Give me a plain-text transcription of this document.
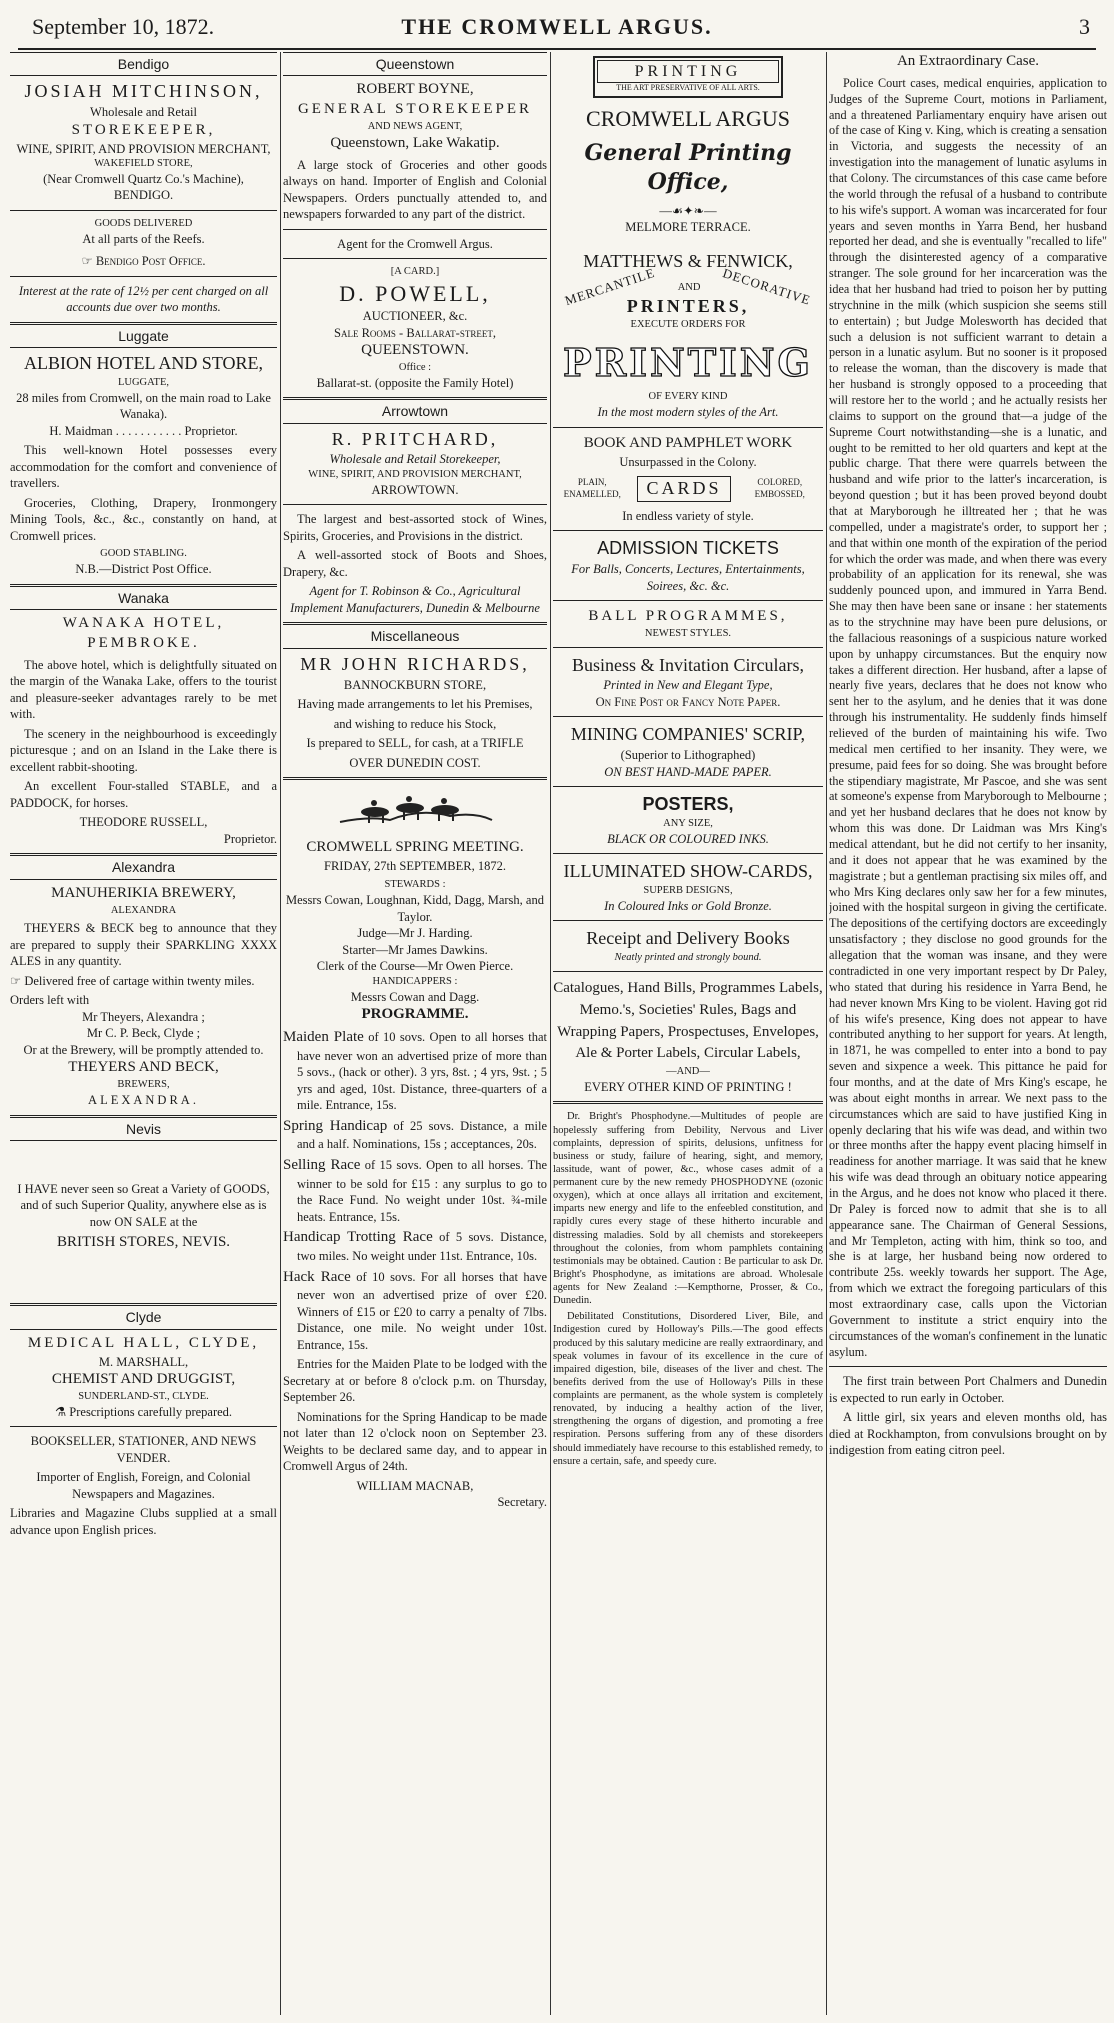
September 10, 1872.	THE CROMWELL ARGUS.	3
Bendigo
JOSIAH MITCHINSON,
Wholesale and Retail
STOREKEEPER,
WINE, SPIRIT, AND PROVISION MERCHANT,
WAKEFIELD STORE,
(Near Cromwell Quartz Co.'s Machine),
BENDIGO.
GOODS DELIVERED
At all parts of the Reefs.
☞ Bendigo Post Office.
Interest at the rate of 12½ per cent charged on all accounts due over two months.
Luggate
ALBION HOTEL AND STORE,
LUGGATE,
28 miles from Cromwell, on the main road to Lake Wanaka).
H. Maidman . . . . . . . . . . . Proprietor.

This well-known Hotel possesses every accommodation for the comfort and convenience of travellers.

Groceries, Clothing, Drapery, Ironmongery Mining Tools, &c., &c., constantly on hand, at Cromwell prices.

GOOD STABLING.
N.B.—District Post Office.
Wanaka
WANAKA HOTEL, PEMBROKE.

The above hotel, which is delightfully situated on the margin of the Wanaka Lake, offers to the tourist and pleasure-seeker advantages rarely to be met with.

The scenery in the neighbourhood is exceedingly picturesque ; and on an Island in the Lake there is excellent rabbit-shooting.

An excellent Four-stalled STABLE, and a PADDOCK, for horses.

THEODORE RUSSELL,
Proprietor.
Alexandra
MANUHERIKIA BREWERY,
ALEXANDRA

THEYERS & BECK beg to announce that they are prepared to supply their SPARKLING XXXX ALES in any quantity.

☞ Delivered free of cartage within twenty miles.

Orders left with
Mr Theyers, Alexandra ;
Mr C. P. Beck, Clyde ;
Or at the Brewery, will be promptly attended to.
THEYERS AND BECK,
BREWERS,
ALEXANDRA.
Nevis

I HAVE never seen so Great a Variety of GOODS, and of such Superior Quality, anywhere else as is now ON SALE at the

BRITISH STORES, NEVIS.
Clyde
MEDICAL HALL, CLYDE,
M. MARSHALL,
CHEMIST AND DRUGGIST,
SUNDERLAND-ST., CLYDE.
⚗ Prescriptions carefully prepared.
BOOKSELLER, STATIONER, AND NEWS VENDER.

Importer of English, Foreign, and Colonial Newspapers and Magazines.

Libraries and Magazine Clubs supplied at a small advance upon English prices.

Queenstown
ROBERT BOYNE,
GENERAL STOREKEEPER
AND NEWS AGENT,
Queenstown, Lake Wakatip.

A large stock of Groceries and other goods always on hand. Importer of English and Colonial Newspapers. Orders punctually attended to, and newspapers forwarded to any part of the district.

Agent for the Cromwell Argus.
[A CARD.]
D. POWELL,
AUCTIONEER, &c.
Sale Rooms - Ballarat-street,
QUEENSTOWN.
Office :
Ballarat-st. (opposite the Family Hotel)
Arrowtown
R. PRITCHARD,
Wholesale and Retail Storekeeper,
WINE, SPIRIT, AND PROVISION MERCHANT,
ARROWTOWN.

The largest and best-assorted stock of Wines, Spirits, Groceries, and Provisions in the district.

A well-assorted stock of Boots and Shoes, Drapery, &c.

Agent for T. Robinson & Co., Agricultural Implement Manufacturers, Dunedin & Melbourne

Miscellaneous
MR JOHN RICHARDS,
BANNOCKBURN STORE,

Having made arrangements to let his Premises,

and wishing to reduce his Stock,

Is prepared to SELL, for cash, at a TRIFLE

OVER DUNEDIN COST.

CROMWELL SPRING MEETING.
FRIDAY, 27th SEPTEMBER, 1872.
STEWARDS :
Messrs Cowan, Loughnan, Kidd, Dagg, Marsh, and Taylor.
Judge—Mr J. Harding.
Starter—Mr James Dawkins.
Clerk of the Course—Mr Owen Pierce.
HANDICAPPERS :
Messrs Cowan and Dagg.
PROGRAMME.

Maiden Plate of 10 sovs. Open to all horses that have never won an advertised prize of more than 5 sovs., (hack or other). 3 yrs, 8st. ; 4 yrs, 9st. ; 5 yrs and aged, 10st. Distance, three-quarters of a mile. Entrance, 15s.

Spring Handicap of 25 sovs. Distance, a mile and a half. Nominations, 15s ; acceptances, 20s.

Selling Race of 15 sovs. Open to all horses. The winner to be sold for £15 : any surplus to go to the Race Fund. No weight under 10st. ¾-mile heats. Entrance, 15s.

Handicap Trotting Race of 5 sovs. Distance, two miles. No weight under 11st. Entrance, 10s.

Hack Race of 10 sovs. For all horses that have never won an advertised prize of over £20. Winners of £15 or £20 to carry a penalty of 7lbs. Distance, one mile. No weight under 10st. Entrance, 15s.

Entries for the Maiden Plate to be lodged with the Secretary at or before 8 o'clock p.m. on Thursday, September 26.

Nominations for the Spring Handicap to be made not later than 12 o'clock noon on September 23. Weights to be declared same day, and to appear in Cromwell Argus of 24th.

WILLIAM MACNAB,
Secretary.
PRINTING
THE ART PRESERVATIVE OF ALL ARTS.
CROMWELL ARGUS
General Printing Office,
—☙✦❧—
MELMORE TERRACE.
MATTHEWS & FENWICK,
MERCANTILE AND DECORATIVE
PRINTERS,
EXECUTE ORDERS FOR
PRINTING
OF EVERY KIND
In the most modern styles of the Art.
BOOK AND PAMPHLET WORK
Unsurpassed in the Colony.
PLAIN, ENAMELLED,	CARDS	COLORED, EMBOSSED,
In endless variety of style.
ADMISSION TICKETS
For Balls, Concerts, Lectures, Entertainments, Soirees, &c. &c.
BALL PROGRAMMES,
NEWEST STYLES.
Business & Invitation Circulars,
Printed in New and Elegant Type,
On Fine Post or Fancy Note Paper.
MINING COMPANIES' SCRIP,
(Superior to Lithographed)
ON BEST HAND-MADE PAPER.
POSTERS,
ANY SIZE,
BLACK OR COLOURED INKS.
ILLUMINATED SHOW-CARDS,
SUPERB DESIGNS,
In Coloured Inks or Gold Bronze.
Receipt and Delivery Books
Neatly printed and strongly bound.
Catalogues, Hand Bills, Programmes Labels, Memo.'s, Societies' Rules, Bags and Wrapping Papers, Prospectuses, Envelopes, Ale & Porter Labels, Circular Labels,
—AND—
EVERY OTHER KIND OF PRINTING !

Dr. Bright's Phosphodyne.—Multitudes of people are hopelessly suffering from Debility, Nervous and Liver complaints, depression of spirits, delusions, unfitness for business or study, failure of hearing, sight, and memory, lassitude, want of power, &c., whose cases admit of a permanent cure by the new remedy PHOSPHODYNE (ozonic oxygen), which at once allays all irritation and excitement, imparts new energy and life to the enfeebled constitution, and rapidly cures every stage of these hitherto incurable and distressing maladies. Sold by all chemists and storekeepers throughout the colonies, from whom pamphlets containing testimonials may be obtained. Caution : Be particular to ask Dr. Bright's Phosphodyne, as imitations are abroad. Wholesale agents for New Zealand :—Kempthorne, Prosser, & Co., Dunedin.

Debilitated Constitutions, Disordered Liver, Bile, and Indigestion cured by Holloway's Pills.—The good effects produced by this salutary medicine are really extraordinary, and speak volumes in favour of its excellence in the cure of impaired digestion, bile, diseases of the liver and chest. The benefits derived from the use of Holloway's Pills in these complaints are permanent, as the whole system is completely renovated, by inducing a healthy action of the liver, strengthening the organs of digestion, and promoting a free respiration. Persons suffering from any of these disorders should immediately have recourse to this established remedy, to ensure a certain, safe, and speedy cure.

An Extraordinary Case.

Police Court cases, medical enquiries, application to Judges of the Supreme Court, motions in Parliament, and a threatened Parliamentary enquiry have arisen out of the case of King v. King, which is creating a sensation in Victoria, and suggests the necessity of an investigation into the management of lunatic asylums in that Colony. The circumstances of this case came before the world through the refusal of a husband to contribute to his wife's support. A woman was incarcerated for four years and seven months in Yarra Bend, her husband reported her dead, and she is eventually "recalled to life" through the disinterested agency of a comparative stranger. The sole ground for her incarceration was the idea that her husband had tried to poison her by putting strychnine in the milk (which suspicion she seems still to entertain) ; but Judge Molesworth has decided that such a delusion is not sufficient warrant to detain a person in a lunatic asylum. But no sooner is it proposed to release the woman, than the discovery is made that her husband is strongly opposed to a proceeding that will restore her to the world ; and he actually resists her claims to support on the ground that—a judge of the Supreme Court notwithstanding—she is a lunatic, and ought to be remitted to her old quarters and kept at the public charge. That there were quarrels between the husband and wife prior to the latter's incarceration, is beyond question ; but it has been proved beyond doubt that at Maryborough he illtreated her ; that he was compelled, under a magistrate's order, to support her ; and that within one month of the expiration of the period for which the order was made, and when there was every probability of an application for its renewal, she was suddenly pounced upon, and immured in Yarra Bend. She may then have been sane or insane : her statements as to the strychnine may have been pure delusions, or the fallacious reasonings of a suspicious nature worked upon by unhappy circumstances. But the enquiry now takes a different direction. Her husband, after a lapse of nearly five years, declares that he does not know who sent her to the asylum, and he denies that it was done through his instrumentality. He suddenly finds himself relieved of the burden of maintaining his wife. Two medical men certified to her insanity. They were, we presume, paid fees for so doing. She was brought before the stipendiary magistrate, Mr Pascoe, and she was sent at someone's expense from Maryborough to Melbourne ; and yet her husband declares that he does not know by whom this was done. Dr Laidman was Mrs King's medical attendant, but he did not certify to her insanity, and it does not appear that he was examined by the magistrate ; but a gentleman practising six miles off, and who Mrs King declares only saw her for a few minutes, joined with the hospital surgeon in giving the certificate. The depositions of the certifying doctors are exceedingly unsatisfactory ; they disclose no good grounds for the allegation that the woman was insane, and they were contradicted in one very important respect by Dr Paley, who stated that during his residence in Yarra Bend, he had never known Mrs King to be violent. Having got rid of his wife's presence, King does not appear to have contributed anything to her support for years. At length, in 1871, he was compelled to enter into a bond to pay seven and sixpence a week. This pittance he paid for four months, and at the date of Mrs King's escape, he was about eight months in arrear. We next pass to the circumstances which are said to have justified King in openly declaring that his wife was dead, and within two or three months after the happy event placing himself in readiness for another marriage. It was said that he knew his wife was dead through an obituary notice appearing in the Argus, and he does not know who placed it there. Dr Paley is forced now to admit that she is to all appearance sane. The Chairman of General Sessions, and Mr Templeton, acting with him, think so too, and she is at large, her husband being now ordered to contribute 25s. weekly towards her support. The Age, from which we extract the foregoing particulars of this most extraordinary case, calls upon the Victorian Government to institute a strict enquiry into the circumstances of the woman's confinement in the lunatic asylum.

The first train between Port Chalmers and Dunedin is expected to run early in October.

A little girl, six years and eleven months old, has died at Rockhampton, from convulsions brought on by indigestion from eating citron peel.
